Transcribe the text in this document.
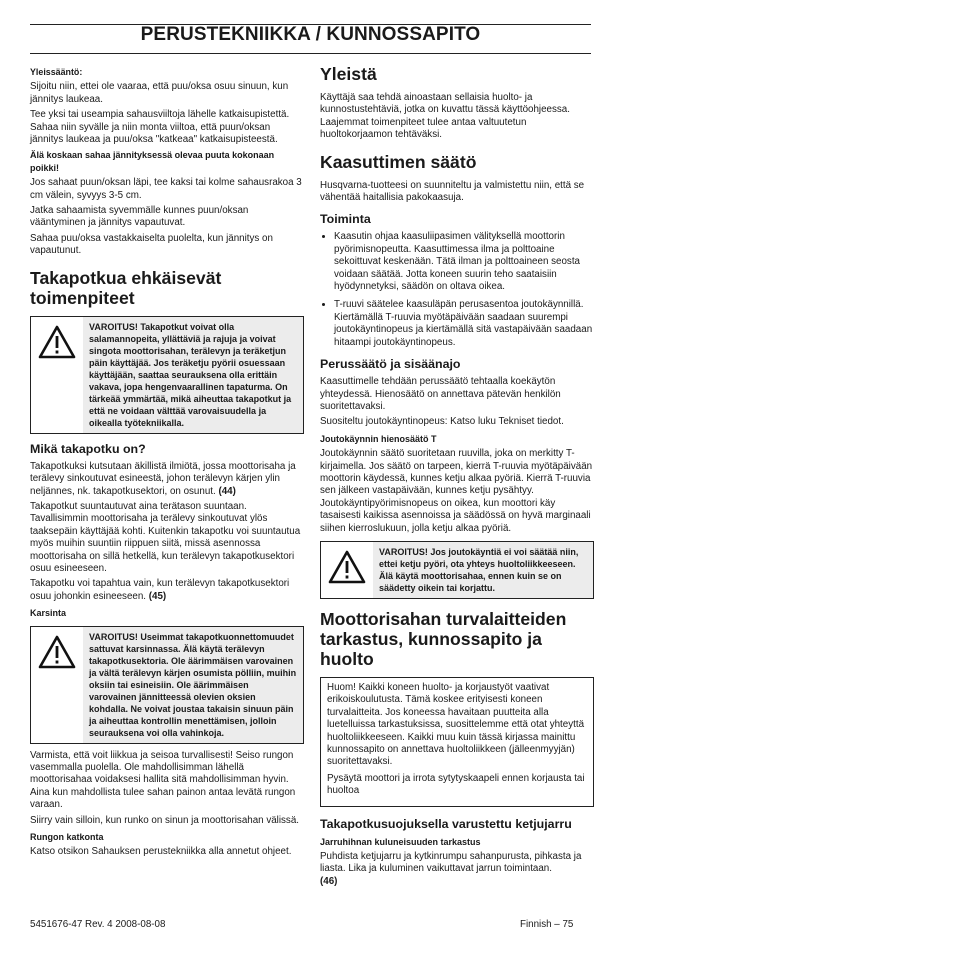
PERUSTEKNIIKKA / KUNNOSSAPITO
Yleissääntö:

Sijoitu niin, ettei ole vaaraa, että puu/oksa osuu sinuun, kun jännitys laukeaa.

Tee yksi tai useampia sahausviiltoja lähelle katkaisupistettä. Sahaa niin syvälle ja niin monta viiltoa, että puun/oksan jännitys laukeaa ja puu/oksa "katkeaa" katkaisupisteestä.

Älä koskaan sahaa jännityksessä olevaa puuta kokonaan poikki!

Jos sahaat puun/oksan läpi, tee kaksi tai kolme sahausrakoa 3 cm välein, syvyys 3-5 cm.

Jatka sahaamista syvemmälle kunnes puun/oksan vääntyminen ja jännitys vapautuvat.

Sahaa puu/oksa vastakkaiselta puolelta, kun jännitys on vapautunut.

Takapotkua ehkäisevät toimenpiteet
VAROITUS! Takapotkut voivat olla salamannopeita, yllättäviä ja rajuja ja voivat singota moottorisahan, terälevyn ja teräketjun päin käyttäjää. Jos teräketju pyörii osuessaan käyttäjään, saattaa seurauksena olla erittäin vakava, jopa hengenvaarallinen tapaturma. On tärkeää ymmärtää, mikä aiheuttaa takapotkut ja että ne voidaan välttää varovaisuudella ja oikealla työtekniikalla.
Mikä takapotku on?

Takapotkuksi kutsutaan äkillistä ilmiötä, jossa moottorisaha ja terälevy sinkoutuvat esineestä, johon terälevyn kärjen ylin neljännes, nk. takapotkusektori, on osunut. (44)

Takapotkut suuntautuvat aina terätason suuntaan. Tavallisimmin moottorisaha ja terälevy sinkoutuvat ylös taaksepäin käyttäjää kohti. Kuitenkin takapotku voi suuntautua myös muihin suuntiin riippuen siitä, missä asennossa moottorisaha on sillä hetkellä, kun terälevyn takapotkusektori osuu esineeseen.

Takapotku voi tapahtua vain, kun terälevyn takapotkusektori osuu johonkin esineeseen. (45)

Karsinta
VAROITUS! Useimmat takapotkuonnettomuudet sattuvat karsinnassa. Älä käytä terälevyn takapotkusektoria. Ole äärimmäisen varovainen ja vältä terälevyn kärjen osumista pölliin, muihin oksiin tai esineisiin. Ole äärimmäisen varovainen jännitteessä olevien oksien kohdalla. Ne voivat joustaa takaisin sinuun päin ja aiheuttaa kontrollin menettämisen, jolloin seurauksena voi olla vahinkoja.

Varmista, että voit liikkua ja seisoa turvallisesti! Seiso rungon vasemmalla puolella. Ole mahdollisimman lähellä moottorisahaa voidaksesi hallita sitä mahdollisimman hyvin. Aina kun mahdollista tulee sahan painon antaa levätä rungon varaan.

Siirry vain silloin, kun runko on sinun ja moottorisahan välissä.

Rungon katkonta

Katso otsikon Sahauksen perustekniikka alla annetut ohjeet.

Yleistä

Käyttäjä saa tehdä ainoastaan sellaisia huolto- ja kunnostustehtäviä, jotka on kuvattu tässä käyttöohjeessa. Laajemmat toimenpiteet tulee antaa valtuutetun huoltokorjaamon tehtäväksi.

Kaasuttimen säätö

Husqvarna-tuotteesi on suunniteltu ja valmistettu niin, että se vähentää haitallisia pakokaasuja.

Toiminta
• Kaasutin ohjaa kaasuliipasimen välityksellä moottorin pyörimisnopeutta. Kaasuttimessa ilma ja polttoaine sekoittuvat keskenään. Tätä ilman ja polttoaineen seosta voidaan säätää. Jotta koneen suurin teho saataisiin hyödynnetyksi, säädön on oltava oikea.
• T-ruuvi säätelee kaasuläpän perusasentoa joutokäynnillä. Kiertämällä T-ruuvia myötäpäivään saadaan suurempi joutokäyntinopeus ja kiertämällä sitä vastapäivään saadaan hitaampi joutokäyntinopeus.
Perussäätö ja sisäänajo

Kaasuttimelle tehdään perussäätö tehtaalla koekäytön yhteydessä. Hienosäätö on annettava pätevän henkilön suoritettavaksi.

Suositeltu joutokäyntinopeus: Katso luku Tekniset tiedot.

Joutokäynnin hienosäätö T

Joutokäynnin säätö suoritetaan ruuvilla, joka on merkitty T-kirjaimella. Jos säätö on tarpeen, kierrä T-ruuvia myötäpäivään moottorin käydessä, kunnes ketju alkaa pyöriä. Kierrä T-ruuvia sen jälkeen vastapäivään, kunnes ketju pysähtyy. Joutokäyntipyörimisnopeus on oikea, kun moottori käy tasaisesti kaikissa asennoissa ja säädössä on hyvä marginaali siihen kierroslukuun, jolla ketju alkaa pyöriä.

VAROITUS! Jos joutokäyntiä ei voi säätää niin, ettei ketju pyöri, ota yhteys huoltoliikkeeseen. Älä käytä moottorisahaa, ennen kuin se on säädetty oikein tai korjattu.
Moottorisahan turvalaitteiden tarkastus, kunnossapito ja huolto

Huom! Kaikki koneen huolto- ja korjaustyöt vaativat erikoiskoulutusta. Tämä koskee erityisesti koneen turvalaitteita. Jos koneessa havaitaan puutteita alla luetelluissa tarkastuksissa, suosittelemme että otat yhteyttä huoltoliikkeeseen. Kaikki muu kuin tässä kirjassa mainittu kunnossapito on annettava huoltoliikkeen (jälleenmyyjän) suoritettavaksi.

Pysäytä moottori ja irrota sytytyskaapeli ennen korjausta tai huoltoa

Takapotkusuojuksella varustettu ketjujarru
Jarruhihnan kuluneisuuden tarkastus

Puhdista ketjujarru ja kytkinrumpu sahanpurusta, pihkasta ja liasta. Lika ja kuluminen vaikuttavat jarrun toimintaan.
(46)

5451676-47 Rev. 4 2008-08-08	Finnish – 75
